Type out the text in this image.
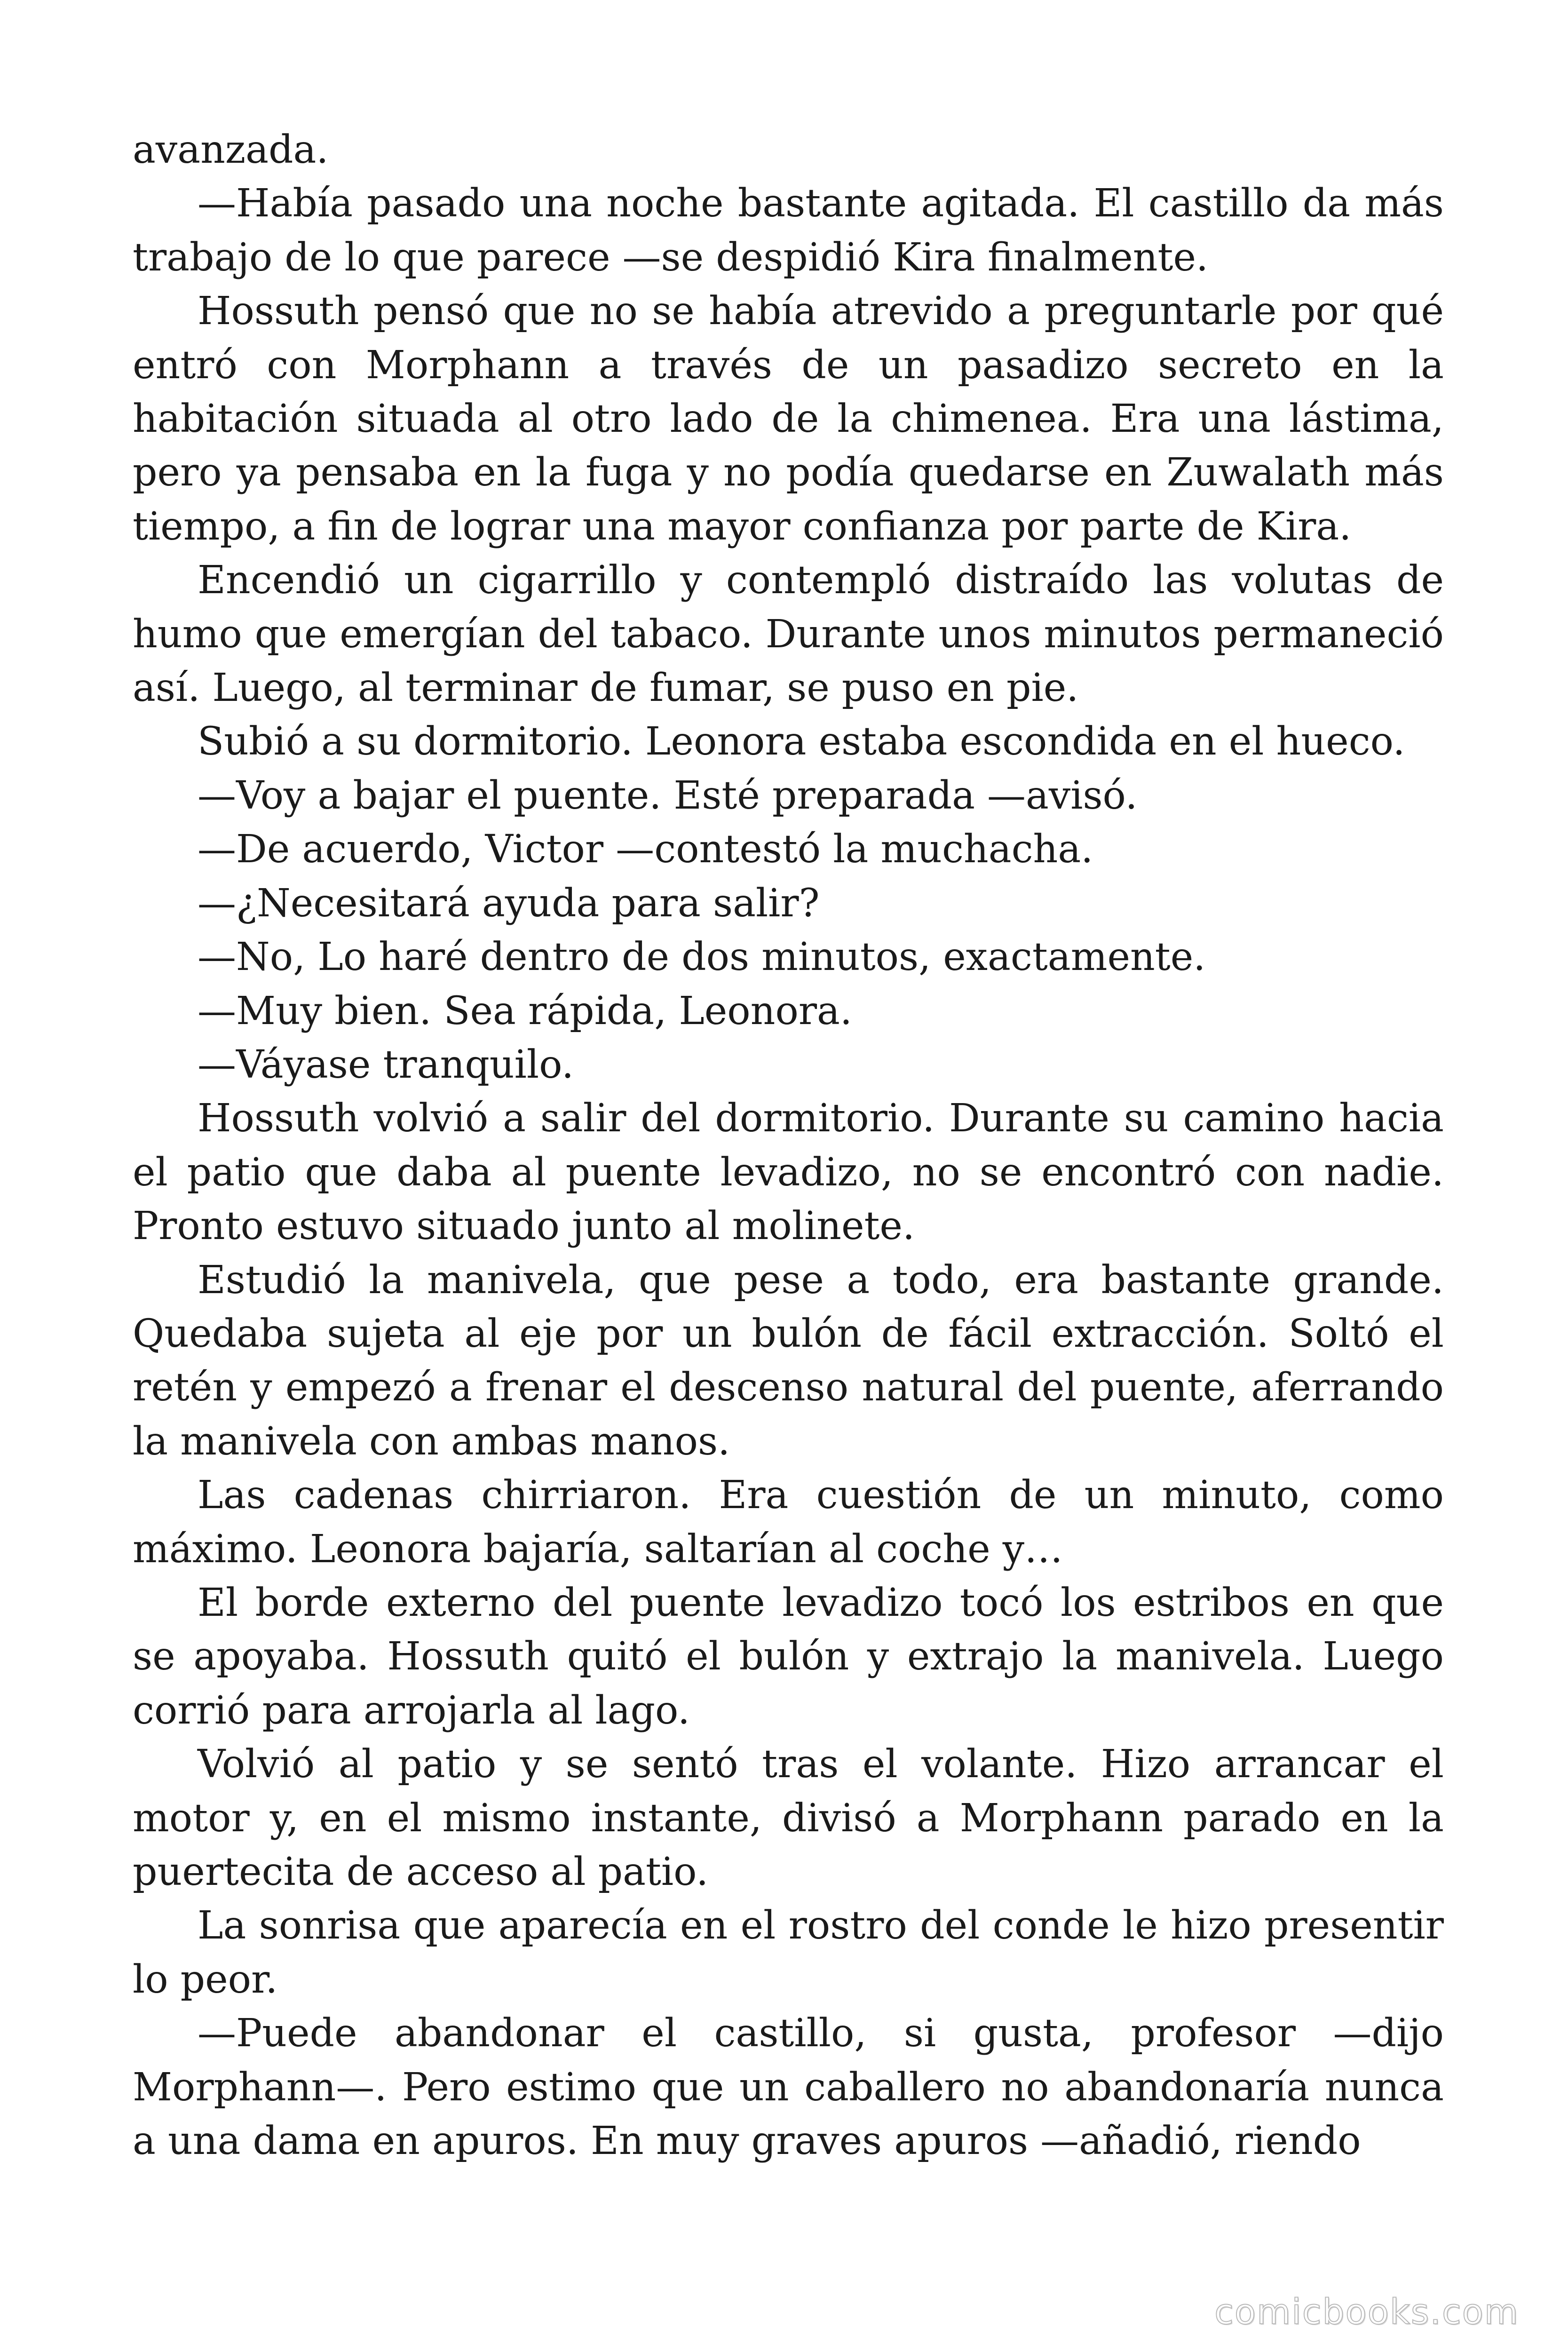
avanzada.

—Había pasado una noche bastante agitada. El castillo da más trabajo de lo que parece —se despidió Kira finalmente.

Hossuth pensó que no se había atrevido a preguntarle por qué entró con Morphann a través de un pasadizo secreto en la habitación situada al otro lado de la chimenea. Era una lástima, pero ya pensaba en la fuga y no podía quedarse en Zuwalath más tiempo, a fin de lograr una mayor confianza por parte de Kira.

Encendió un cigarrillo y contempló distraído las volutas de humo que emergían del tabaco. Durante unos minutos permaneció así. Luego, al terminar de fumar, se puso en pie.

Subió a su dormitorio. Leonora estaba escondida en el hueco.

—Voy a bajar el puente. Esté preparada —avisó.

—De acuerdo, Victor —contestó la muchacha.

—¿Necesitará ayuda para salir?

—No, Lo haré dentro de dos minutos, exactamente.

—Muy bien. Sea rápida, Leonora.

—Váyase tranquilo.

Hossuth volvió a salir del dormitorio. Durante su camino hacia el patio que daba al puente levadizo, no se encontró con nadie. Pronto estuvo situado junto al molinete.

Estudió la manivela, que pese a todo, era bastante grande. Quedaba sujeta al eje por un bulón de fácil extracción. Soltó el retén y empezó a frenar el descenso natural del puente, aferrando la manivela con ambas manos.

Las cadenas chirriaron. Era cuestión de un minuto, como máximo. Leonora bajaría, saltarían al coche y…

El borde externo del puente levadizo tocó los estribos en que se apoyaba. Hossuth quitó el bulón y extrajo la manivela. Luego corrió para arrojarla al lago.

Volvió al patio y se sentó tras el volante. Hizo arrancar el motor y, en el mismo instante, divisó a Morphann parado en la puertecita de acceso al patio.

La sonrisa que aparecía en el rostro del conde le hizo presentir lo peor.

—Puede abandonar el castillo, si gusta, profesor —dijo Morphann—. Pero estimo que un caballero no abandonaría nunca a una dama en apuros. En muy graves apuros —añadió, riendo

comicbooks.com
